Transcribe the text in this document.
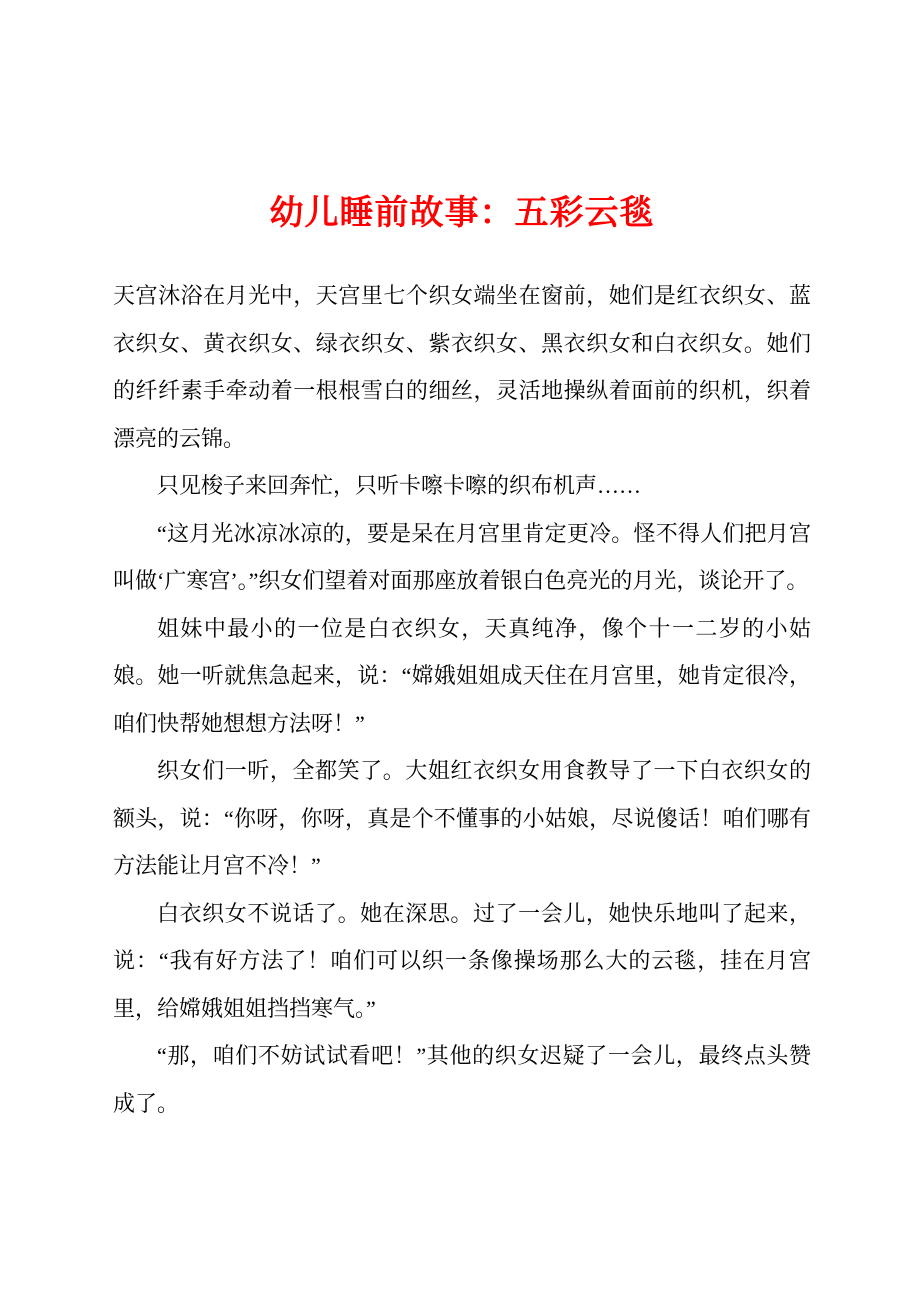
幼儿睡前故事：五彩云毯

天宫沐浴在月光中，天宫里七个织女端坐在窗前，她们是红衣织女、蓝衣织女、黄衣织女、绿衣织女、紫衣织女、黑衣织女和白衣织女。她们的纤纤素手牵动着一根根雪白的细丝，灵活地操纵着面前的织机，织着漂亮的云锦。

只见梭子来回奔忙，只听卡嚓卡嚓的织布机声……

“这月光冰凉冰凉的，要是呆在月宫里肯定更冷。怪不得人们把月宫叫做‘广寒宫’。”织女们望着对面那座放着银白色亮光的月光，谈论开了。

姐妹中最小的一位是白衣织女，天真纯净，像个十一二岁的小姑娘。她一听就焦急起来，说：“嫦娥姐姐成天住在月宫里，她肯定很冷，咱们快帮她想想方法呀！”

织女们一听，全都笑了。大姐红衣织女用食教导了一下白衣织女的额头，说：“你呀，你呀，真是个不懂事的小姑娘，尽说傻话！咱们哪有方法能让月宫不冷！”

白衣织女不说话了。她在深思。过了一会儿，她快乐地叫了起来，说：“我有好方法了！咱们可以织一条像操场那么大的云毯，挂在月宫里，给嫦娥姐姐挡挡寒气。”

“那，咱们不妨试试看吧！”其他的织女迟疑了一会儿，最终点头赞成了。
